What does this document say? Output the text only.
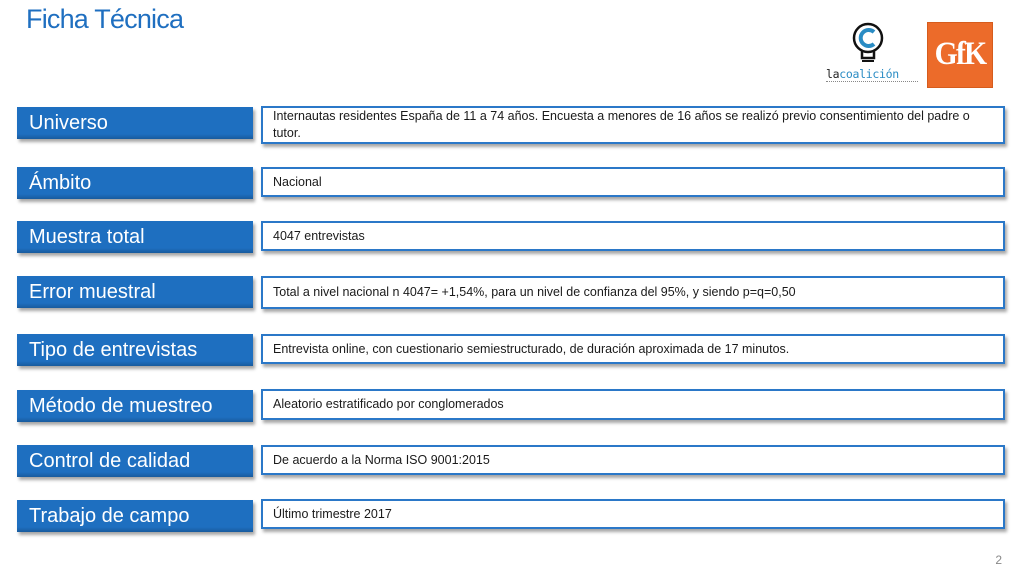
Ficha Técnica
lacoalición
GfK
Universo	Internautas residentes España de 11 a 74 años. Encuesta a menores de 16 años se realizó previo consentimiento del padre o tutor.
Ámbito	Nacional
Muestra total	4047 entrevistas
Error muestral	Total a nivel nacional n 4047= +1,54%, para un nivel de confianza del 95%, y siendo p=q=0,50
Tipo de entrevistas	Entrevista online, con cuestionario semiestructurado, de duración aproximada de 17 minutos.
Método de muestreo	Aleatorio estratificado por conglomerados
Control de calidad	De acuerdo a la Norma ISO 9001:2015
Trabajo de campo	Último trimestre 2017
2
